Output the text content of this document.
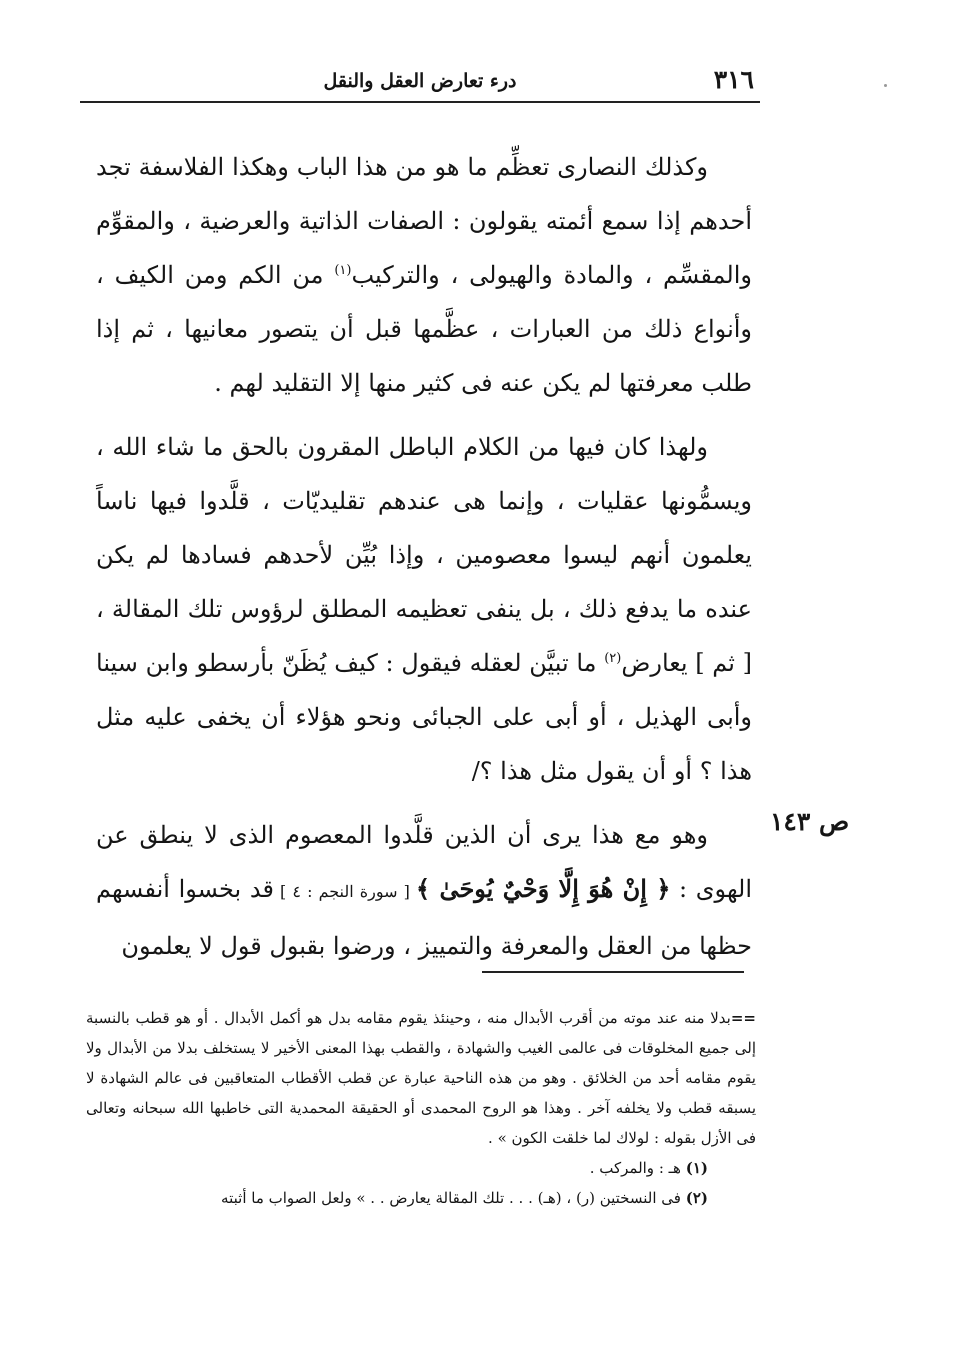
٣١٦
درء تعارض العقل والنقل
ص ١٤٣

وكذلك النصارى تعظِّم ما هو من هذا الباب وهكذا الفلاسفة تجد أحدهم إذا سمع أئمته يقولون : الصفات الذاتية والعرضية ، والمقوِّم والمقسِّم ، والمادة والهيولى ، والتركيب$^{(١)}$ من الكم ومن الكيف ، وأنواع ذلك من العبارات ، عظَّمها قبل أن يتصور معانيها ، ثم إذا طلب معرفتها لم يكن عنه فى كثير منها إلا التقليد لهم .

ولهذا كان فيها من الكلام الباطل المقرون بالحق ما شاء الله ، ويسمُّونها عقليات ، وإنما هى عندهم تقليديّات ، قلَّدوا فيها ناساً يعلمون أنهم ليسوا معصومين ، وإذا بُيِّن لأحدهم فسادها لم يكن عنده ما يدفع ذلك ، بل ينفى تعظيمه المطلق لرؤوس تلك المقالة ، [ ثم ] يعارض$^{(٢)}$ ما تبيَّن لعقله فيقول : كيف يُظَنّ بأرسطو وابن سينا وأبى الهذيل ، أو أبى على الجبائى ونحو هؤلاء أن يخفى عليه مثل هذا ؟ أو أن يقول مثل هذا ؟/

وهو مع هذا يرى أن الذين قلَّدوا المعصوم الذى لا ينطق عن الهوى : ﴿ إِنْ هُوَ إِلَّا وَحْيٌ يُوحَىٰ ﴾ [ سورة النجم : ٤ ] قد بخسوا أنفسهم حظها من العقل والمعرفة والتمييز ، ورضوا بقبول قول لا يعلمون

==بدلا منه عند موته من أقرب الأبدال منه ، وحينئذ يقوم مقامه بدل هو أكمل الأبدال . أو هو قطب بالنسبة إلى جميع المخلوقات فى عالمى الغيب والشهادة ، والقطب بهذا المعنى الأخير لا يستخلف بدلا من الأبدال ولا يقوم مقامه أحد من الخلائق . وهو من هذه الناحية عبارة عن قطب الأقطاب المتعاقبين فى عالم الشهادة لا يسبقه قطب ولا يخلفه آخر . وهذا هو الروح المحمدى أو الحقيقة المحمدية التى خاطبها الله سبحانه وتعالى فى الأزل بقوله : لولاك لما خلقت الكون » .

(١) هـ : والمركب .

(٢) فى النسختين (ر) ، (هـ) . . . تلك المقالة يعارض . . » ولعل الصواب ما أثبته
